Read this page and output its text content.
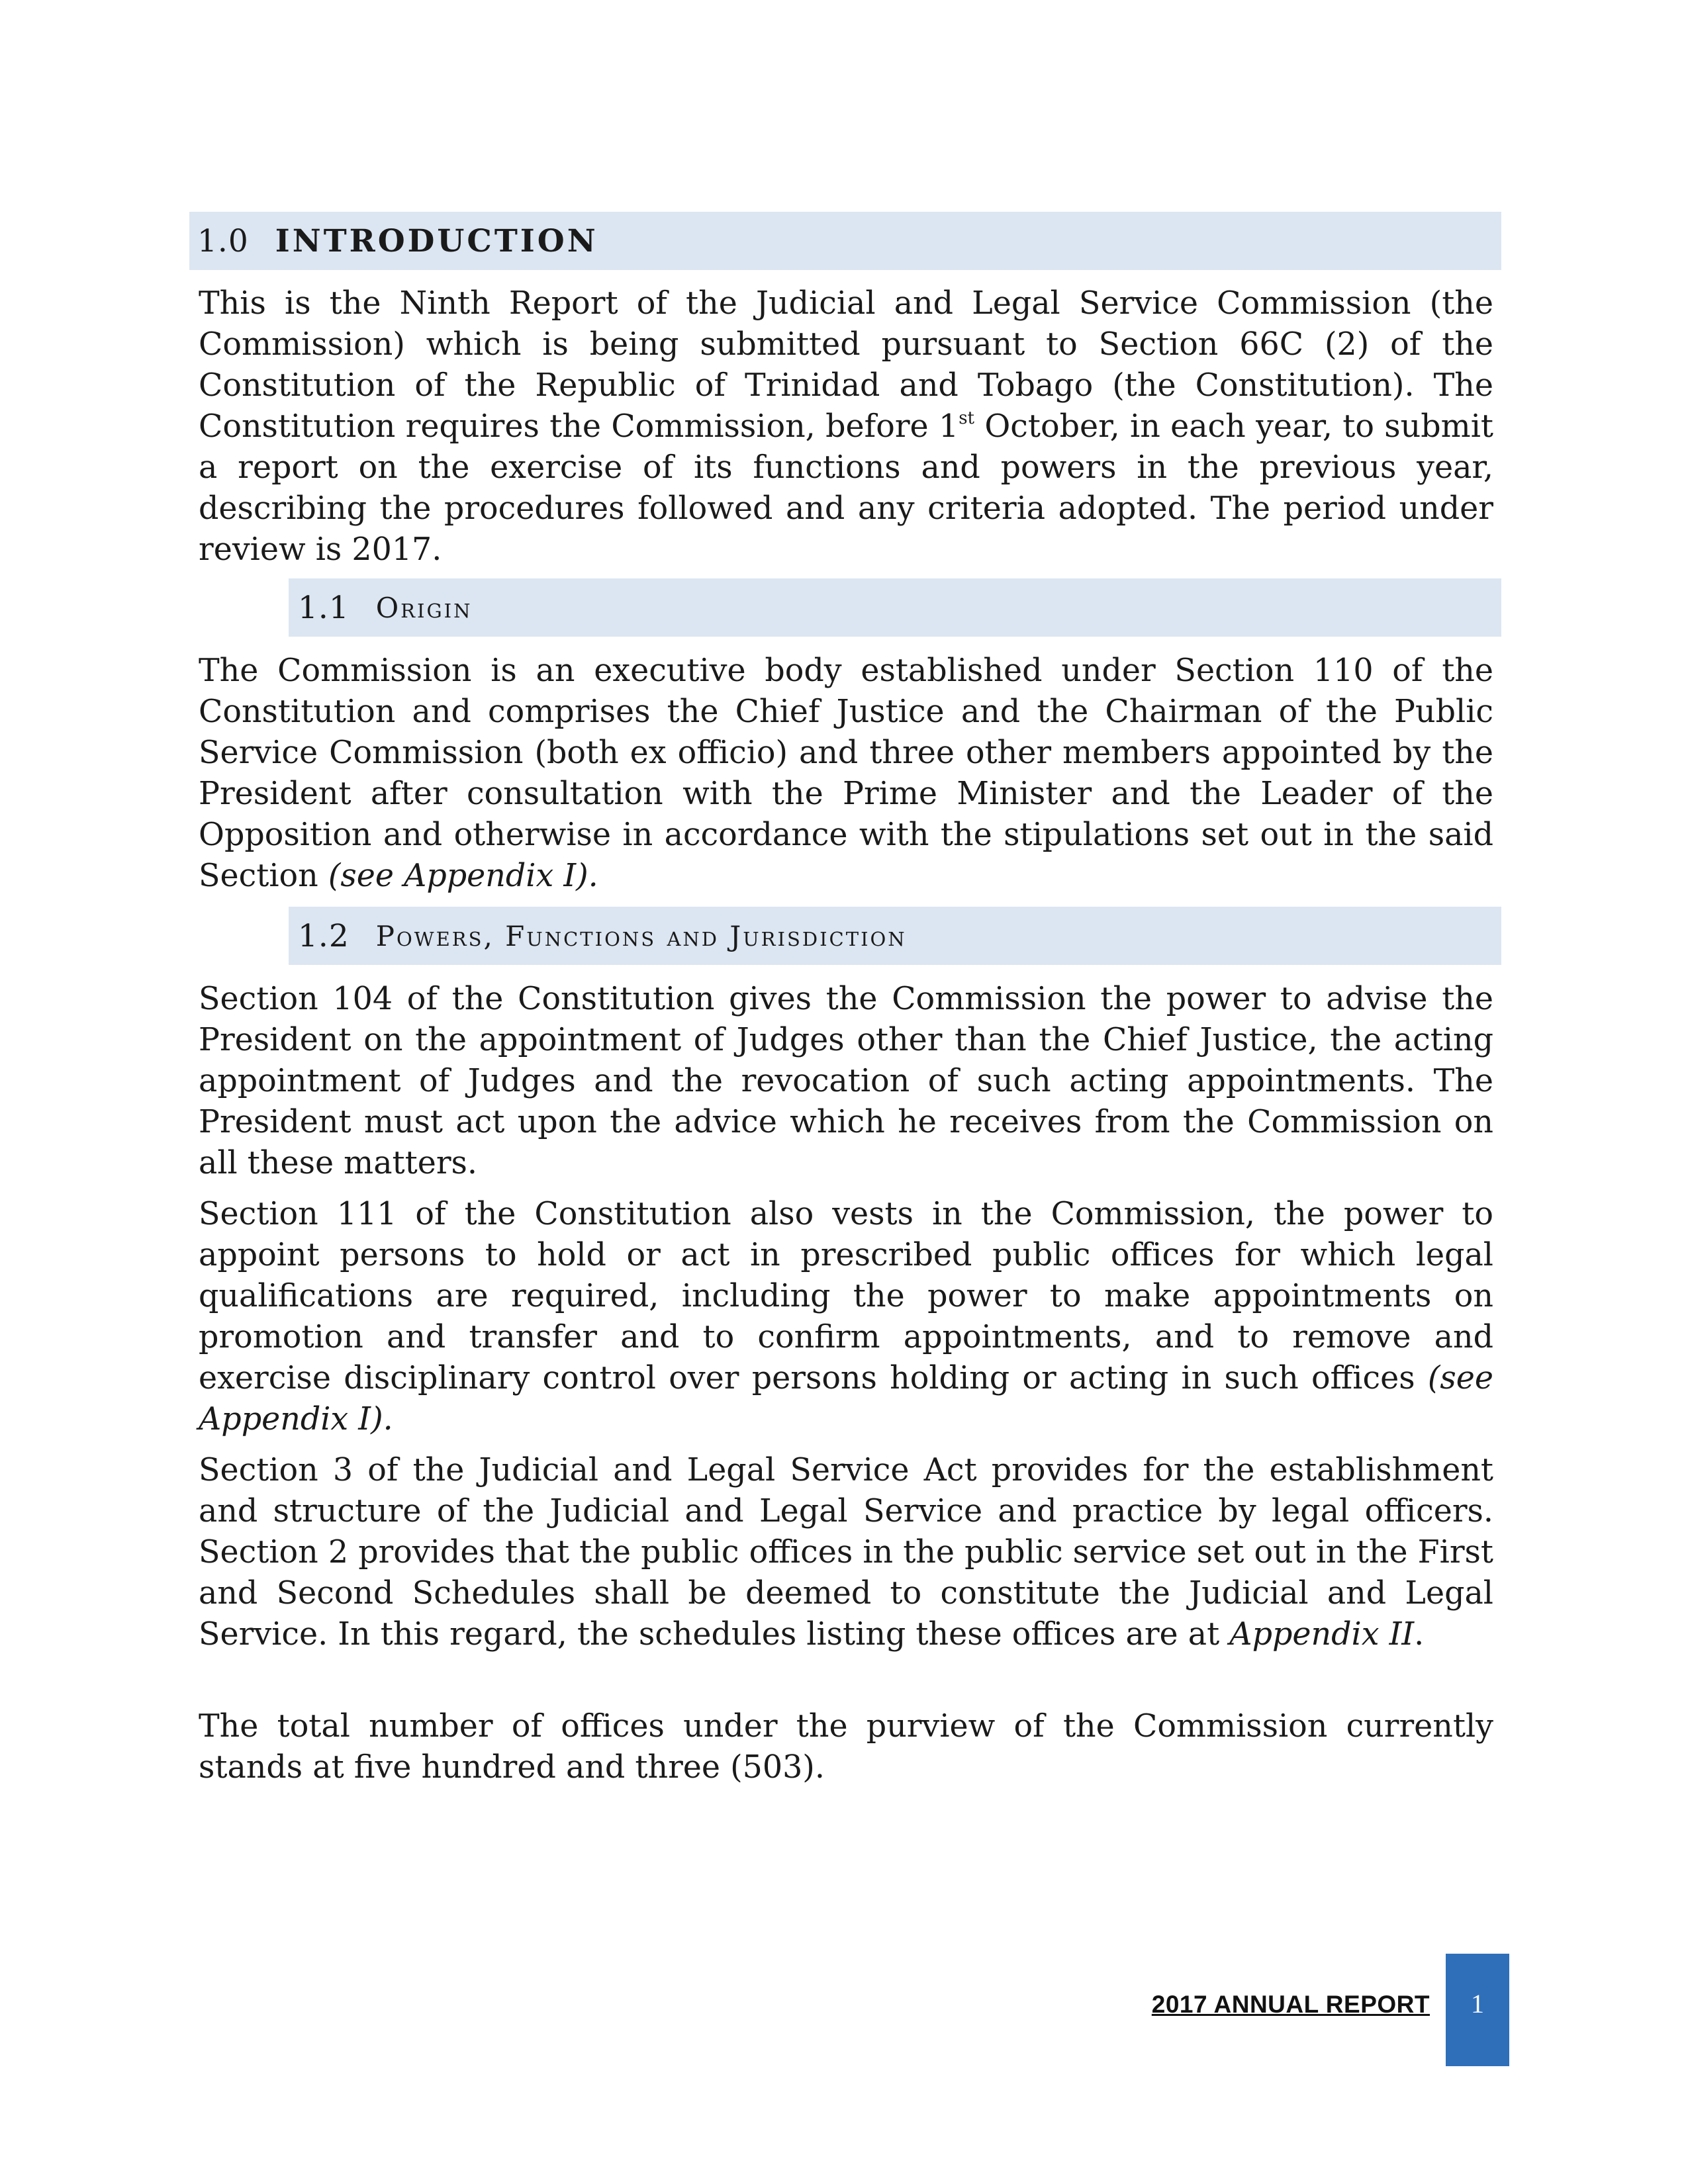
1.0 INTRODUCTION

This is the Ninth Report of the Judicial and Legal Service Commission (the Commission) which is being submitted pursuant to Section 66C (2) of the Constitution of the Republic of Trinidad and Tobago (the Constitution). The Constitution requires the Commission, before 1st October, in each year, to submit a report on the exercise of its functions and powers in the previous year, describing the procedures followed and any criteria adopted. The period under review is 2017.

1.1 Origin

The Commission is an executive body established under Section 110 of the Constitution and comprises the Chief Justice and the Chairman of the Public Service Commission (both ex officio) and three other members appointed by the President after consultation with the Prime Minister and the Leader of the Opposition and otherwise in accordance with the stipulations set out in the said Section (see Appendix I).

1.2 Powers, Functions and Jurisdiction

Section 104 of the Constitution gives the Commission the power to advise the President on the appointment of Judges other than the Chief Justice, the acting appointment of Judges and the revocation of such acting appointments. The President must act upon the advice which he receives from the Commission on all these matters.

Section 111 of the Constitution also vests in the Commission, the power to appoint persons to hold or act in prescribed public offices for which legal qualifications are required, including the power to make appointments on promotion and transfer and to confirm appointments, and to remove and exercise disciplinary control over persons holding or acting in such offices (see Appendix I).

Section 3 of the Judicial and Legal Service Act provides for the establishment and structure of the Judicial and Legal Service and practice by legal officers. Section 2 provides that the public offices in the public service set out in the First and Second Schedules shall be deemed to constitute the Judicial and Legal Service. In this regard, the schedules listing these offices are at Appendix II.

The total number of offices under the purview of the Commission currently stands at five hundred and three (503).

2017 ANNUAL REPORT 1
